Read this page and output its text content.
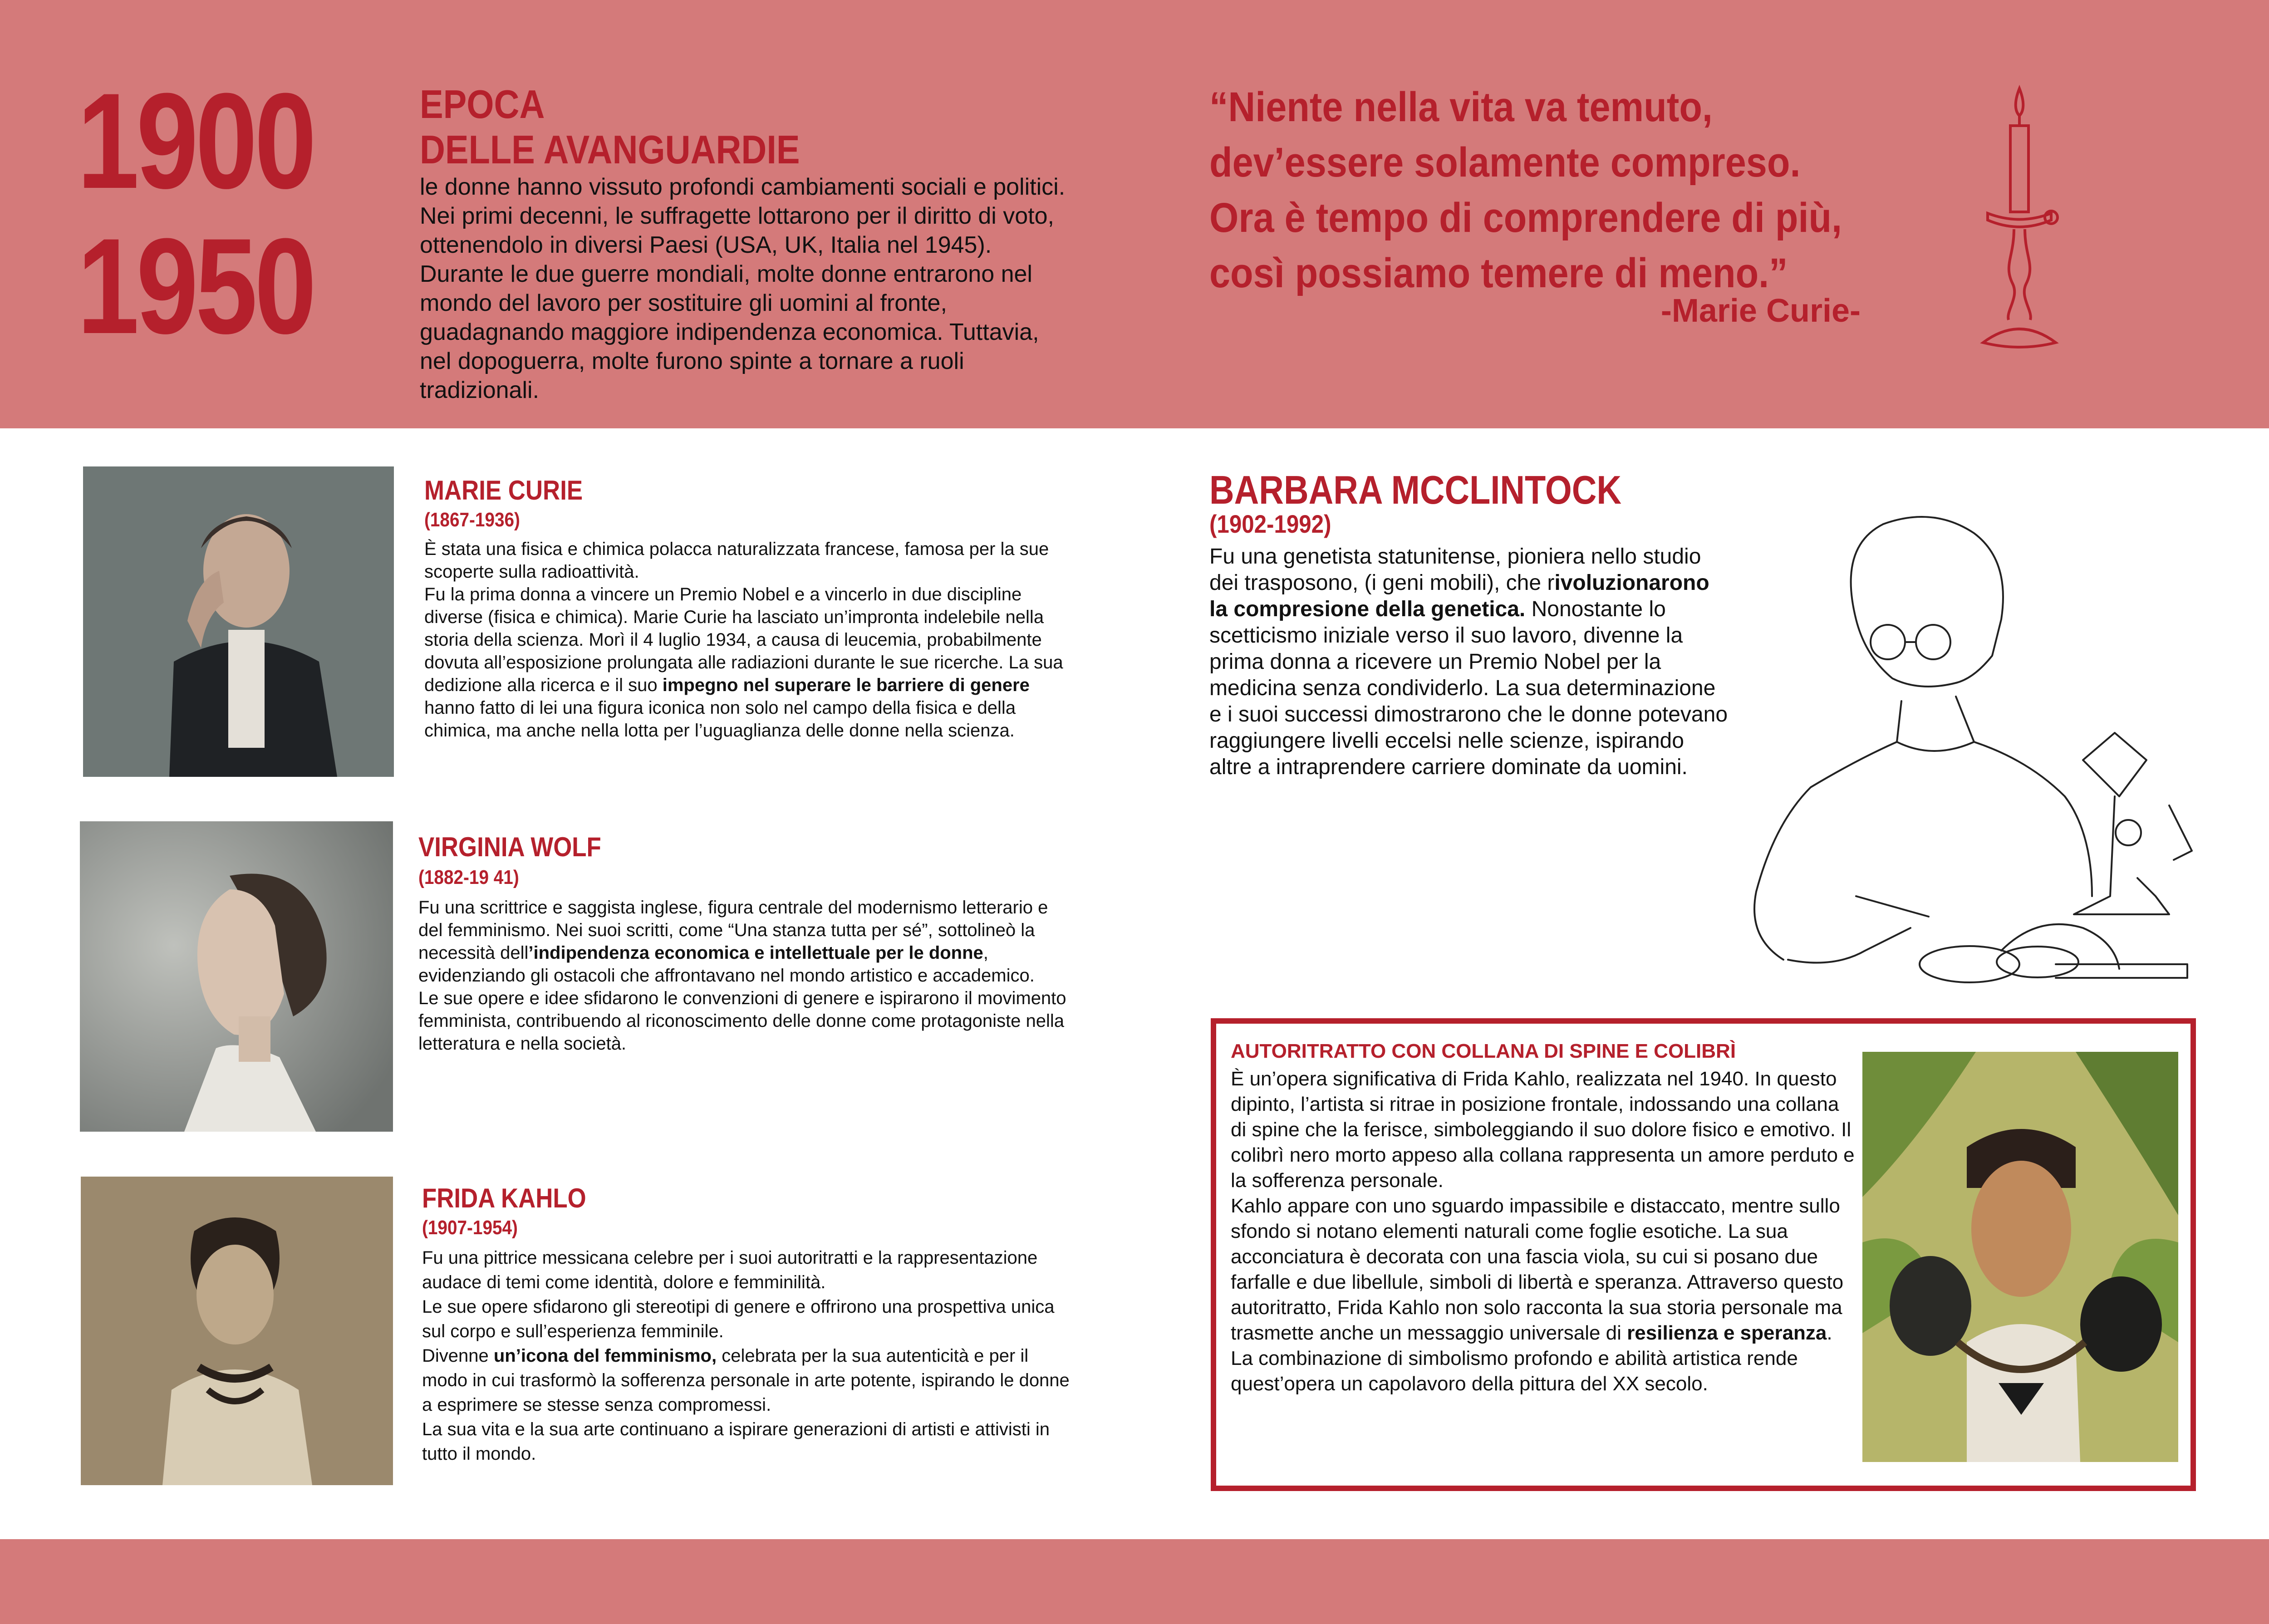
1900
1950
EPOCA
DELLE AVANGUARDIE
le donne hanno vissuto profondi cambiamenti sociali e politici. Nei primi decenni, le suffragette lottarono per il diritto di voto, ottenendolo in diversi Paesi (USA, UK, Italia nel 1945). Durante le due guerre mondiali, molte donne entrarono nel mondo del lavoro per sostituire gli uomini al fronte, guadagnando maggiore indipendenza economica. Tuttavia, nel dopoguerra, molte furono spinte a tornare a ruoli tradizionali.
“Niente nella vita va temuto,
dev’essere solamente compreso.
Ora è tempo di comprendere di più,
così possiamo temere di meno.”
-Marie Curie-
MARIE CURIE
(1867-1936)

È stata una fisica e chimica polacca naturalizzata francese, famosa per la sue scoperte sulla radioattività.

Fu la prima donna a vincere un Premio Nobel e a vincerlo in due discipline diverse (fisica e chimica). Marie Curie ha lasciato un’impronta indelebile nella storia della scienza. Morì il 4 luglio 1934, a causa di leucemia, probabilmente dovuta all’esposizione prolungata alle radiazioni durante le sue ricerche. La sua dedizione alla ricerca e il suo impegno nel superare le barriere di genere hanno fatto di lei una figura iconica non solo nel campo della fisica e della chimica, ma anche nella lotta per l’uguaglianza delle donne nella scienza.

VIRGINIA WOLF
(1882-19 41)

Fu una scrittrice e saggista inglese, figura centrale del modernismo letterario e del femminismo. Nei suoi scritti, come “Una stanza tutta per sé”, sottolineò la necessità dell’indipendenza economica e intellettuale per le donne, evidenziando gli ostacoli che affrontavano nel mondo artistico e accademico.

Le sue opere e idee sfidarono le convenzioni di genere e ispirarono il movimento femminista, contribuendo al riconoscimento delle donne come protagoniste nella letteratura e nella società.

FRIDA KAHLO
(1907-1954)

Fu una pittrice messicana celebre per i suoi autoritratti e la rappresentazione audace di temi come identità, dolore e femminilità.

Le sue opere sfidarono gli stereotipi di genere e offrirono una prospettiva unica sul corpo e sull’esperienza femminile.

Divenne un’icona del femminismo, celebrata per la sua autenticità e per il modo in cui trasformò la sofferenza personale in arte potente, ispirando le donne a esprimere se stesse senza compromessi.

La sua vita e la sua arte continuano a ispirare generazioni di artisti e attivisti in tutto il mondo.

BARBARA MCCLINTOCK
(1902-1992)
Fu una genetista statunitense, pioniera nello studio dei trasposono, (i geni mobili), che rivoluzionarono la compresione della genetica. Nonostante lo scetticismo iniziale verso il suo lavoro, divenne la prima donna a ricevere un Premio Nobel per la medicina senza condividerlo. La sua determinazione e i suoi successi dimostrarono che le donne potevano raggiungere livelli eccelsi nelle scienze, ispirando altre a intraprendere carriere dominate da uomini.
AUTORITRATTO CON COLLANA DI SPINE E COLIBRÌ

È un’opera significativa di Frida Kahlo, realizzata nel 1940. In questo dipinto, l’artista si ritrae in posizione frontale, indossando una collana di spine che la ferisce, simboleggiando il suo dolore fisico e emotivo. Il colibrì nero morto appeso alla collana rappresenta un amore perduto e la sofferenza personale.

Kahlo appare con uno sguardo impassibile e distaccato, mentre sullo sfondo si notano elementi naturali come foglie esotiche. La sua acconciatura è decorata con una fascia viola, su cui si posano due farfalle e due libellule, simboli di libertà e speranza. Attraverso questo autoritratto, Frida Kahlo non solo racconta la sua storia personale ma trasmette anche un messaggio universale di resilienza e speranza. La combinazione di simbolismo profondo e abilità artistica rende quest’opera un capolavoro della pittura del XX secolo.
